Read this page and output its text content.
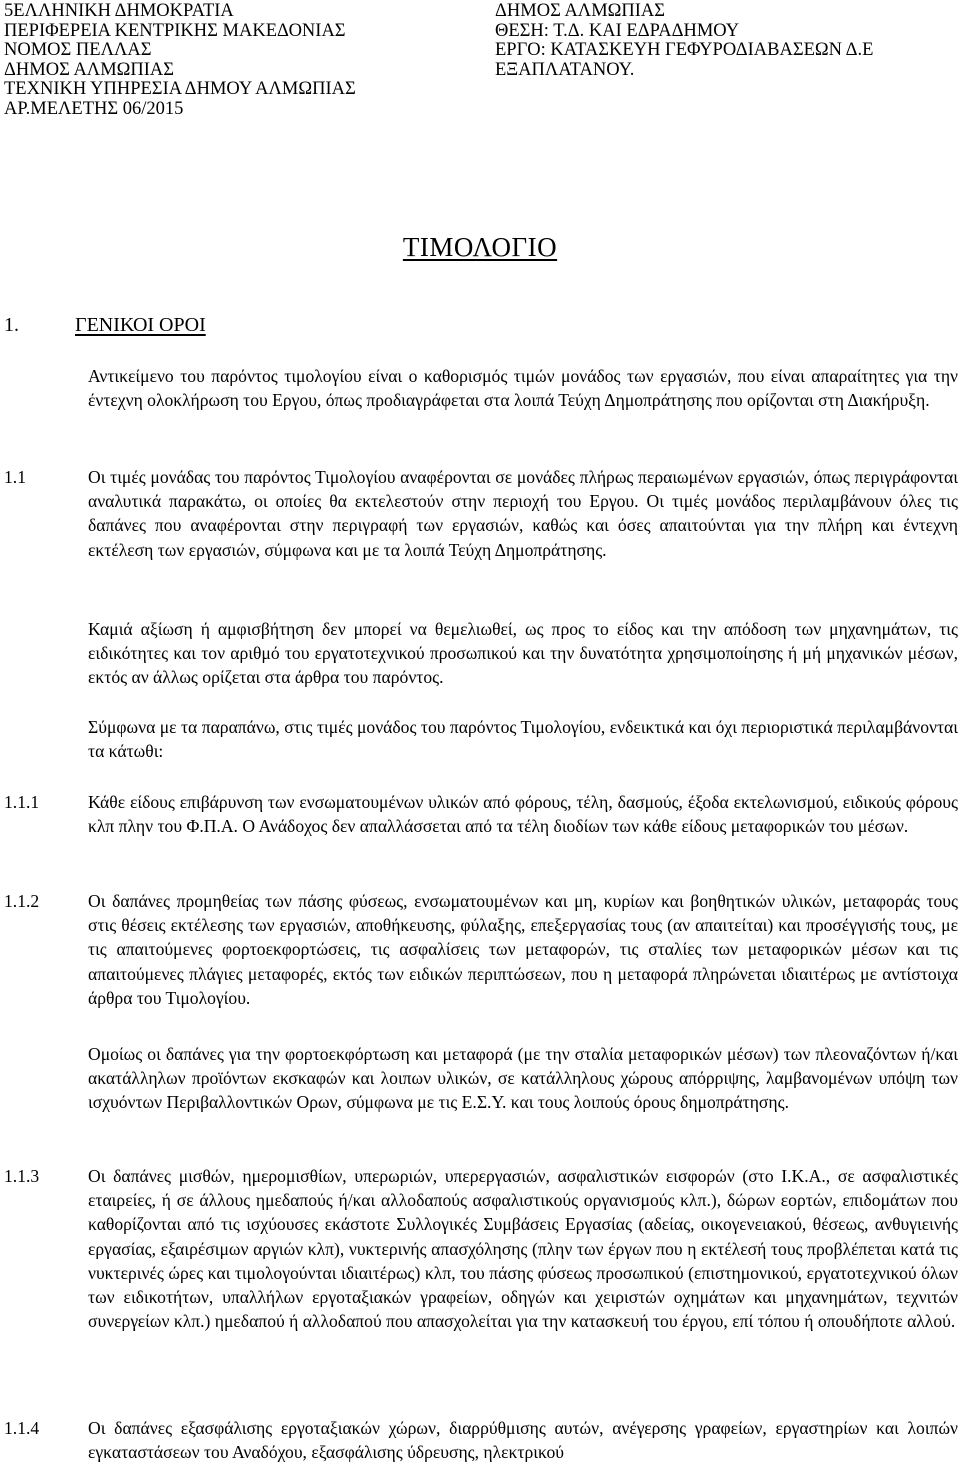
5ΕΛΛΗΝΙΚΗ ΔΗΜΟΚΡΑΤΙΑ
ΠΕΡΙΦΕΡΕΙΑ ΚΕΝΤΡΙΚΗΣ ΜΑΚΕΔΟΝΙΑΣ
ΝΟΜΟΣ ΠΕΛΛΑΣ
ΔΗΜΟΣ ΑΛΜΩΠΙΑΣ
ΤΕΧΝΙΚΗ ΥΠΗΡΕΣΙΑ ΔΗΜΟΥ ΑΛΜΩΠΙΑΣ
ΑΡ.ΜΕΛΕΤΗΣ 06/2015
ΔΗΜΟΣ ΑΛΜΩΠΙΑΣ
ΘΕΣΗ: Τ.Δ. ΚΑΙ ΕΔΡΑΔΗΜΟΥ
ΕΡΓΟ: ΚΑΤΑΣΚΕΥΗ ΓΕΦΥΡΟΔΙΑΒΑΣΕΩΝ Δ.Ε
ΕΞΑΠΛΑΤΑΝΟΥ.
ΤΙΜΟΛΟΓΙΟ
1.	ΓΕΝΙΚΟΙ ΟΡΟΙ

Αντικείμενο του παρόντος τιμολογίου είναι ο καθορισμός τιμών μονάδος των εργασιών, που είναι απαραίτητες για την έντεχνη ολοκλήρωση του Εργου, όπως προδιαγράφεται στα λοιπά Τεύχη Δημοπράτησης που ορίζονται στη Διακήρυξη.

1.1	Οι τιμές μονάδας του παρόντος Τιμολογίου αναφέρονται σε μονάδες πλήρως περαιωμένων εργασιών, όπως περιγράφονται αναλυτικά παρακάτω, οι οποίες θα εκτελεστούν στην περιοχή του Εργου. Οι τιμές μονάδος περιλαμβάνουν όλες τις δαπάνες που αναφέρονται στην περιγραφή των εργασιών, καθώς και όσες απαιτούνται για την πλήρη και έντεχνη εκτέλεση των εργασιών, σύμφωνα και με τα λοιπά Τεύχη Δημοπράτησης.

Καμιά αξίωση ή αμφισβήτηση δεν μπορεί να θεμελιωθεί, ως προς το είδος και την απόδοση των μηχανημάτων, τις ειδικότητες και τον αριθμό του εργατοτεχνικού προσωπικού και την δυνατότητα χρησιμοποίησης ή μή μηχανικών μέσων, εκτός αν άλλως ορίζεται στα άρθρα του παρόντος.

Σύμφωνα με τα παραπάνω, στις τιμές μονάδος του παρόντος Τιμολογίου, ενδεικτικά και όχι περιοριστικά περιλαμβάνονται τα κάτωθι:

1.1.1	Κάθε είδους επιβάρυνση των ενσωματουμένων υλικών από φόρους, τέλη, δασμούς, έξοδα εκτελωνισμού, ειδικούς φόρους κλπ πλην του Φ.Π.Α. Ο Ανάδοχος δεν απαλλάσσεται από τα τέλη διοδίων των κάθε είδους μεταφορικών του μέσων.

1.1.2	Οι δαπάνες προμηθείας των πάσης φύσεως, ενσωματουμένων και μη, κυρίων και βοηθητικών υλικών, μεταφοράς τους στις θέσεις εκτέλεσης των εργασιών, αποθήκευσης, φύλαξης, επεξεργασίας τους (αν απαιτείται) και προσέγγισής τους, με τις απαιτούμενες φορτοεκφορτώσεις, τις ασφαλίσεις των μεταφορών, τις σταλίες των μεταφορικών μέσων και τις απαιτούμενες πλάγιες μεταφορές, εκτός των ειδικών περιπτώσεων, που η μεταφορά πληρώνεται ιδιαιτέρως με αντίστοιχα άρθρα του Τιμολογίου.

Ομοίως οι δαπάνες για την φορτοεκφόρτωση και μεταφορά (με την σταλία μεταφορικών μέσων) των πλεοναζόντων ή/και ακατάλληλων προϊόντων εκσκαφών και λοιπων υλικών, σε κατάλληλους χώρους απόρριψης, λαμβανομένων υπόψη των ισχυόντων Περιβαλλοντικών Ορων, σύμφωνα με τις Ε.Σ.Υ. και τους λοιπούς όρους δημοπράτησης.

1.1.3	Οι δαπάνες μισθών, ημερομισθίων, υπερωριών, υπερεργασιών, ασφαλιστικών εισφορών (στο Ι.Κ.Α., σε ασφαλιστικές εταιρείες, ή σε άλλους ημεδαπούς ή/και αλλοδαπούς ασφαλιστικούς οργανισμούς κλπ.), δώρων εορτών, επιδομάτων που καθορίζονται από τις ισχύουσες εκάστοτε Συλλογικές Συμβάσεις Εργασίας (αδείας, οικογενειακού, θέσεως, ανθυγιεινής εργασίας, εξαιρέσιμων αργιών κλπ), νυκτερινής απασχόλησης (πλην των έργων που η εκτέλεσή τους προβλέπεται κατά τις νυκτερινές ώρες και τιμολογούνται ιδιαιτέρως) κλπ, του πάσης φύσεως προσωπικού (επιστημονικού, εργατοτεχνικού όλων των ειδικοτήτων, υπαλλήλων εργοταξιακών γραφείων, οδηγών και χειριστών οχημάτων και μηχανημάτων, τεχνιτών συνεργείων κλπ.) ημεδαπού ή αλλοδαπού που απασχολείται για την κατασκευή του έργου, επί τόπου ή οπουδήποτε αλλού.

1.1.4	Οι δαπάνες εξασφάλισης εργοταξιακών χώρων, διαρρύθμισης αυτών, ανέγερσης γραφείων, εργαστηρίων και λοιπών εγκαταστάσεων του Αναδόχου, εξασφάλισης ύδρευσης, ηλεκτρικού
